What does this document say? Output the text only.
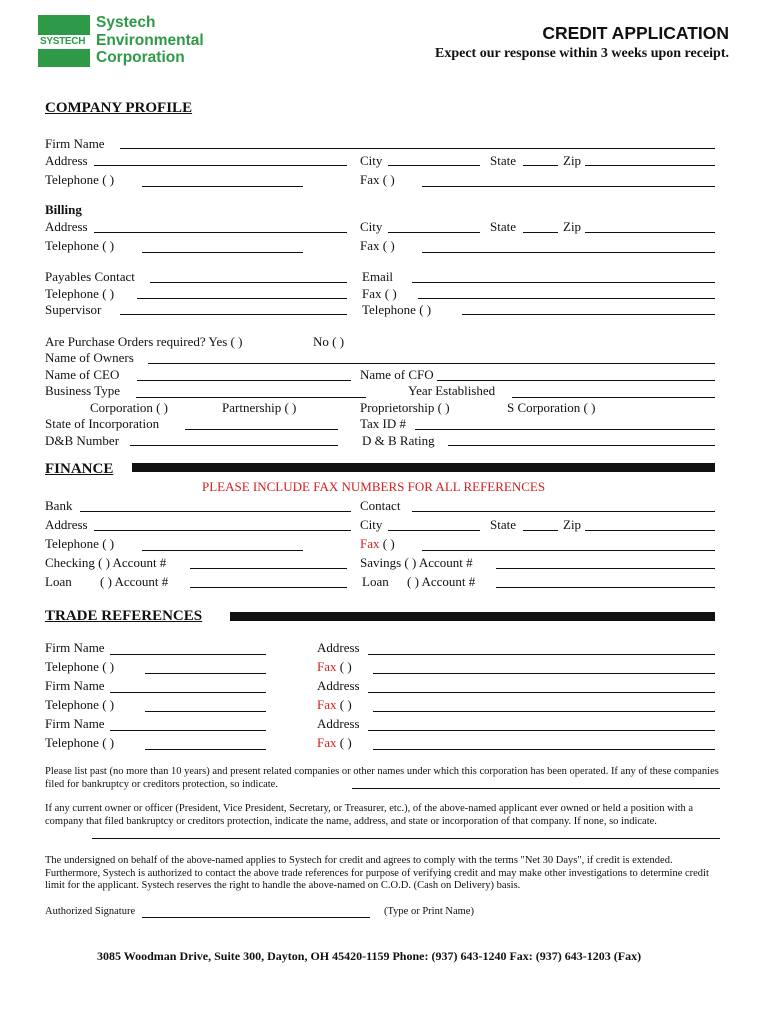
SYSTECH
Systech
Environmental
Corporation
CREDIT APPLICATION
Expect our response within 3 weeks upon receipt.
COMPANY PROFILE
Firm Name
Address	City	State	Zip
Telephone ( )	Fax ( )
Billing
Address	City	State	Zip
Telephone ( )	Fax ( )
Payables Contact	Email
Telephone ( )	Fax ( )
Supervisor	Telephone ( )
Are Purchase Orders required? Yes ( )	No ( )
Name of Owners
Name of CEO	Name of CFO
Business Type	Year Established
Corporation ( )	Partnership ( )	Proprietorship ( )	S Corporation ( )
State of Incorporation	Tax ID #
D&B Number	D & B Rating
FINANCE
PLEASE INCLUDE FAX NUMBERS FOR ALL REFERENCES
Bank	Contact
Address	City	State	Zip
Telephone ( )	Fax ( )
Checking ( ) Account #	Savings ( ) Account #
Loan ( ) Account #	Loan ( ) Account #
TRADE REFERENCES
Firm Name	Address
Telephone ( )	Fax ( )
Firm Name	Address
Telephone ( )	Fax ( )
Firm Name	Address
Telephone ( )	Fax ( )
Please list past (no more than 10 years) and present related companies or other names under which this corporation has been operated. If any of these companies filed for bankruptcy or creditors protection, so indicate.
If any current owner or officer (President, Vice President, Secretary, or Treasurer, etc.), of the above-named applicant ever owned or held a position with a company that filed bankruptcy or creditors protection, indicate the name, address, and state or incorporation of that company. If none, so indicate.
The undersigned on behalf of the above-named applies to Systech for credit and agrees to comply with the terms "Net 30 Days", if credit is extended. Furthermore, Systech is authorized to contact the above trade references for purpose of verifying credit and may make other investigations to determine credit limit for the applicant. Systech reserves the right to handle the above-named on C.O.D. (Cash on Delivery) basis.
Authorized Signature	(Type or Print Name)
3085 Woodman Drive, Suite 300, Dayton, OH 45420-1159 Phone: (937) 643-1240 Fax: (937) 643-1203 (Fax)
